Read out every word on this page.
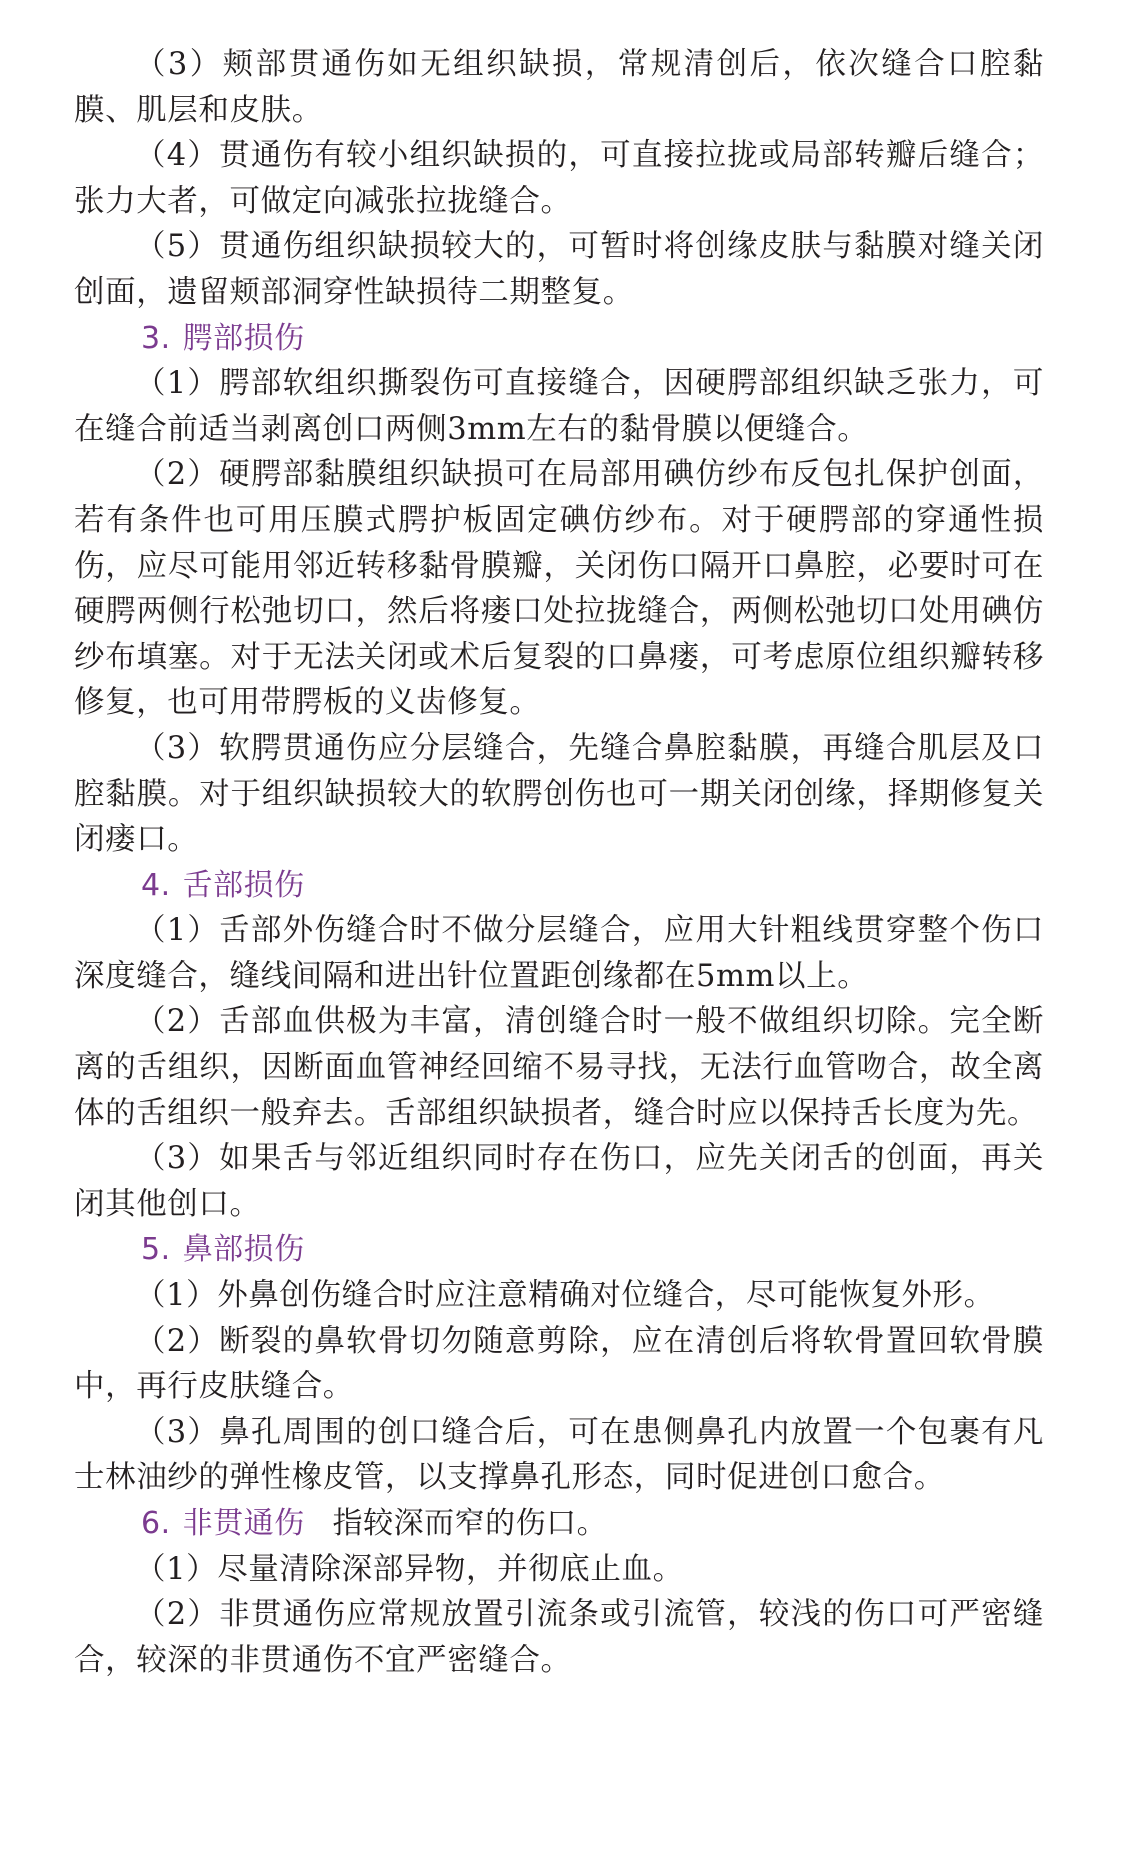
（3）颊部贯通伤如无组织缺损，常规清创后，依次缝合口腔黏膜、肌层和皮肤。

（4）贯通伤有较小组织缺损的，可直接拉拢或局部转瓣后缝合；张力大者，可做定向减张拉拢缝合。

（5）贯通伤组织缺损较大的，可暂时将创缘皮肤与黏膜对缝关闭创面，遗留颊部洞穿性缺损待二期整复。

3. 腭部损伤

（1）腭部软组织撕裂伤可直接缝合，因硬腭部组织缺乏张力，可在缝合前适当剥离创口两侧3mm左右的黏骨膜以便缝合。

（2）硬腭部黏膜组织缺损可在局部用碘仿纱布反包扎保护创面，若有条件也可用压膜式腭护板固定碘仿纱布。对于硬腭部的穿通性损伤，应尽可能用邻近转移黏骨膜瓣，关闭伤口隔开口鼻腔，必要时可在硬腭两侧行松弛切口，然后将瘘口处拉拢缝合，两侧松弛切口处用碘仿纱布填塞。对于无法关闭或术后复裂的口鼻瘘，可考虑原位组织瓣转移修复，也可用带腭板的义齿修复。

（3）软腭贯通伤应分层缝合，先缝合鼻腔黏膜，再缝合肌层及口腔黏膜。对于组织缺损较大的软腭创伤也可一期关闭创缘，择期修复关闭瘘口。

4. 舌部损伤

（1）舌部外伤缝合时不做分层缝合，应用大针粗线贯穿整个伤口深度缝合，缝线间隔和进出针位置距创缘都在5mm以上。

（2）舌部血供极为丰富，清创缝合时一般不做组织切除。完全断离的舌组织，因断面血管神经回缩不易寻找，无法行血管吻合，故全离体的舌组织一般弃去。舌部组织缺损者，缝合时应以保持舌长度为先。

（3）如果舌与邻近组织同时存在伤口，应先关闭舌的创面，再关闭其他创口。

5. 鼻部损伤

（1）外鼻创伤缝合时应注意精确对位缝合，尽可能恢复外形。

（2）断裂的鼻软骨切勿随意剪除，应在清创后将软骨置回软骨膜中，再行皮肤缝合。

（3）鼻孔周围的创口缝合后，可在患侧鼻孔内放置一个包裹有凡士林油纱的弹性橡皮管，以支撑鼻孔形态，同时促进创口愈合。

6. 非贯通伤 指较深而窄的伤口。

（1）尽量清除深部异物，并彻底止血。

（2）非贯通伤应常规放置引流条或引流管，较浅的伤口可严密缝合，较深的非贯通伤不宜严密缝合。
